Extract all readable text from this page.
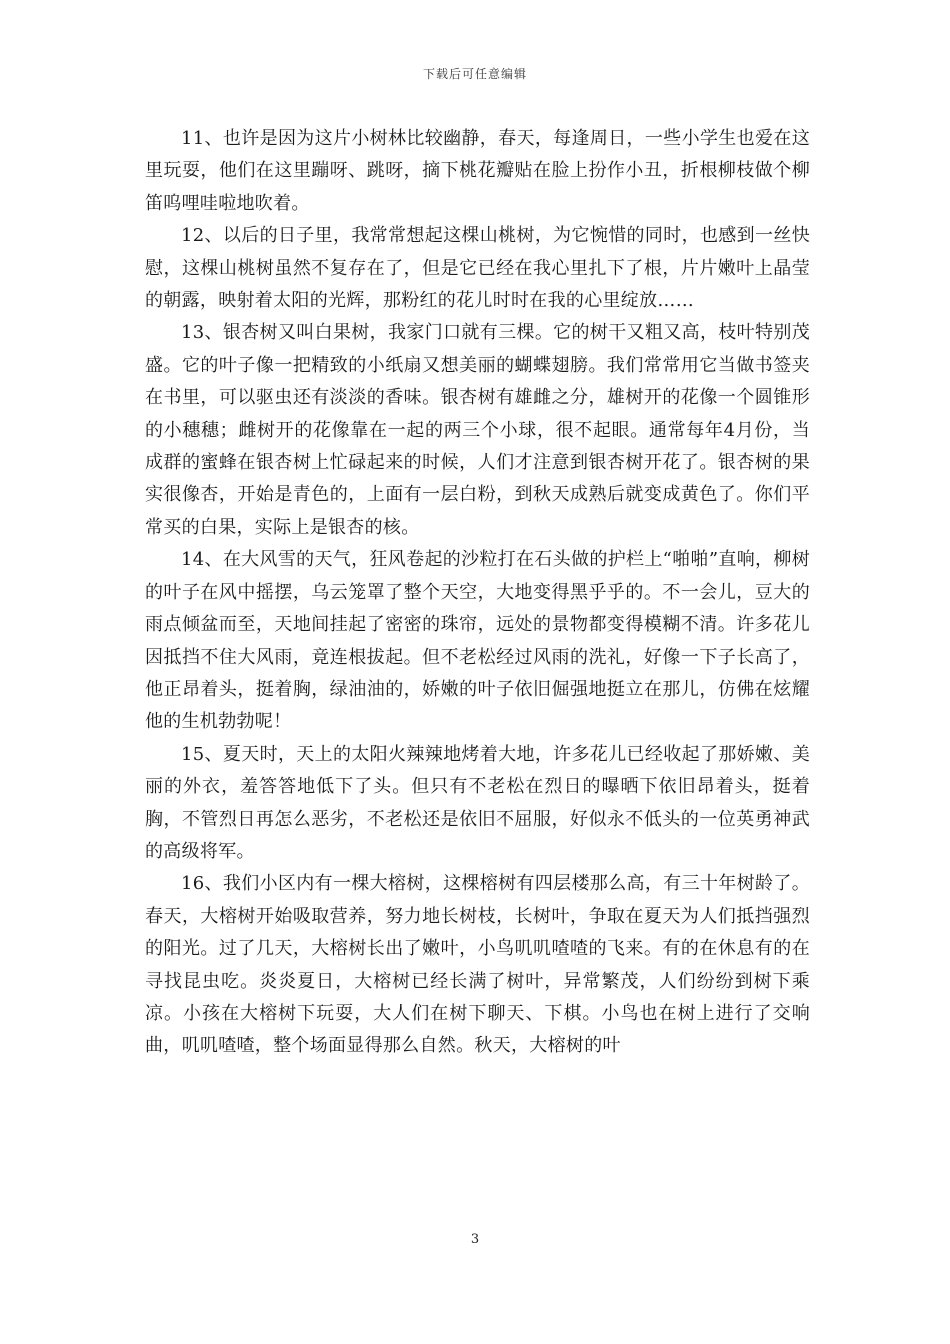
下载后可任意编辑

11、也许是因为这片小树林比较幽静，春天，每逢周日，一些小学生也爱在这里玩耍，他们在这里蹦呀、跳呀，摘下桃花瓣贴在脸上扮作小丑，折根柳枝做个柳笛呜哩哇啦地吹着。

12、以后的日子里，我常常想起这棵山桃树，为它惋惜的同时，也感到一丝快慰，这棵山桃树虽然不复存在了，但是它已经在我心里扎下了根，片片嫩叶上晶莹的朝露，映射着太阳的光辉，那粉红的花儿时时在我的心里绽放……

13、银杏树又叫白果树，我家门口就有三棵。它的树干又粗又高，枝叶特别茂盛。它的叶子像一把精致的小纸扇又想美丽的蝴蝶翅膀。我们常常用它当做书签夹在书里，可以驱虫还有淡淡的香味。银杏树有雄雌之分，雄树开的花像一个圆锥形的小穗穗；雌树开的花像靠在一起的两三个小球，很不起眼。通常每年4月份，当成群的蜜蜂在银杏树上忙碌起来的时候，人们才注意到银杏树开花了。银杏树的果实很像杏，开始是青色的，上面有一层白粉，到秋天成熟后就变成黄色了。你们平常买的白果，实际上是银杏的核。

14、在大风雪的天气，狂风卷起的沙粒打在石头做的护栏上“啪啪”直响，柳树的叶子在风中摇摆，乌云笼罩了整个天空，大地变得黑乎乎的。不一会儿，豆大的雨点倾盆而至，天地间挂起了密密的珠帘，远处的景物都变得模糊不清。许多花儿因抵挡不住大风雨，竟连根拔起。但不老松经过风雨的洗礼，好像一下子长高了，他正昂着头，挺着胸，绿油油的，娇嫩的叶子依旧倔强地挺立在那儿，仿佛在炫耀他的生机勃勃呢！

15、夏天时，天上的太阳火辣辣地烤着大地，许多花儿已经收起了那娇嫩、美丽的外衣，羞答答地低下了头。但只有不老松在烈日的曝晒下依旧昂着头，挺着胸，不管烈日再怎么恶劣，不老松还是依旧不屈服，好似永不低头的一位英勇神武的高级将军。

16、我们小区内有一棵大榕树，这棵榕树有四层楼那么高，有三十年树龄了。春天，大榕树开始吸取营养，努力地长树枝，长树叶，争取在夏天为人们抵挡强烈的阳光。过了几天，大榕树长出了嫩叶，小鸟叽叽喳喳的飞来。有的在休息有的在寻找昆虫吃。炎炎夏日，大榕树已经长满了树叶，异常繁茂，人们纷纷到树下乘凉。小孩在大榕树下玩耍，大人们在树下聊天、下棋。小鸟也在树上进行了交响曲，叽叽喳喳，整个场面显得那么自然。秋天，大榕树的叶

3
